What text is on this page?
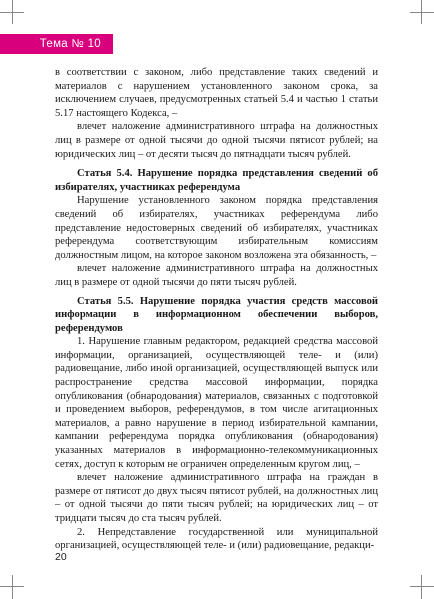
Тема № 10

в соответствии с законом, либо представление таких сведений и материалов с нарушением установленного законом срока, за исключением случаев, предусмотренных статьей 5.4 и частью 1 статьи 5.17 настоящего Кодекса, –

влечет наложение административного штрафа на должностных лиц в размере от одной тысячи до одной тысячи пятисот рублей; на юридических лиц – от десяти тысяч до пятнадцати тысяч рублей.

Статья 5.4. Нарушение порядка представления сведений об избирателях, участниках референдума

Нарушение установленного законом порядка представления сведений об избирателях, участниках референдума либо представление недостоверных сведений об избирателях, участниках референдума соответствующим избирательным комиссиям должностным лицом, на которое законом возложена эта обязанность, –

влечет наложение административного штрафа на должностных лиц в размере от одной тысячи до пяти тысяч рублей.

Статья 5.5. Нарушение порядка участия средств массовой информации в информационном обеспечении выборов, референдумов

1. Нарушение главным редактором, редакцией средства массовой информации, организацией, осуществляющей теле- и (или) радиовещание, либо иной организацией, осуществляющей выпуск или распространение средства массовой информации, порядка опубликования (обнародования) материалов, связанных с подготовкой и проведением выборов, референдумов, в том числе агитационных материалов, а равно нарушение в период избирательной кампании, кампании референдума порядка опубликования (обнародования) указанных материалов в информационно-телекоммуникационных сетях, доступ к которым не ограничен определенным кругом лиц, –

влечет наложение административного штрафа на граждан в размере от пятисот до двух тысяч пятисот рублей, на должностных лиц – от одной тысячи до пяти тысяч рублей; на юридических лиц – от тридцати тысяч до ста тысяч рублей.

2. Непредставление государственной или муниципальной организацией, осуществляющей теле- и (или) радиовещание, редакци-

20
